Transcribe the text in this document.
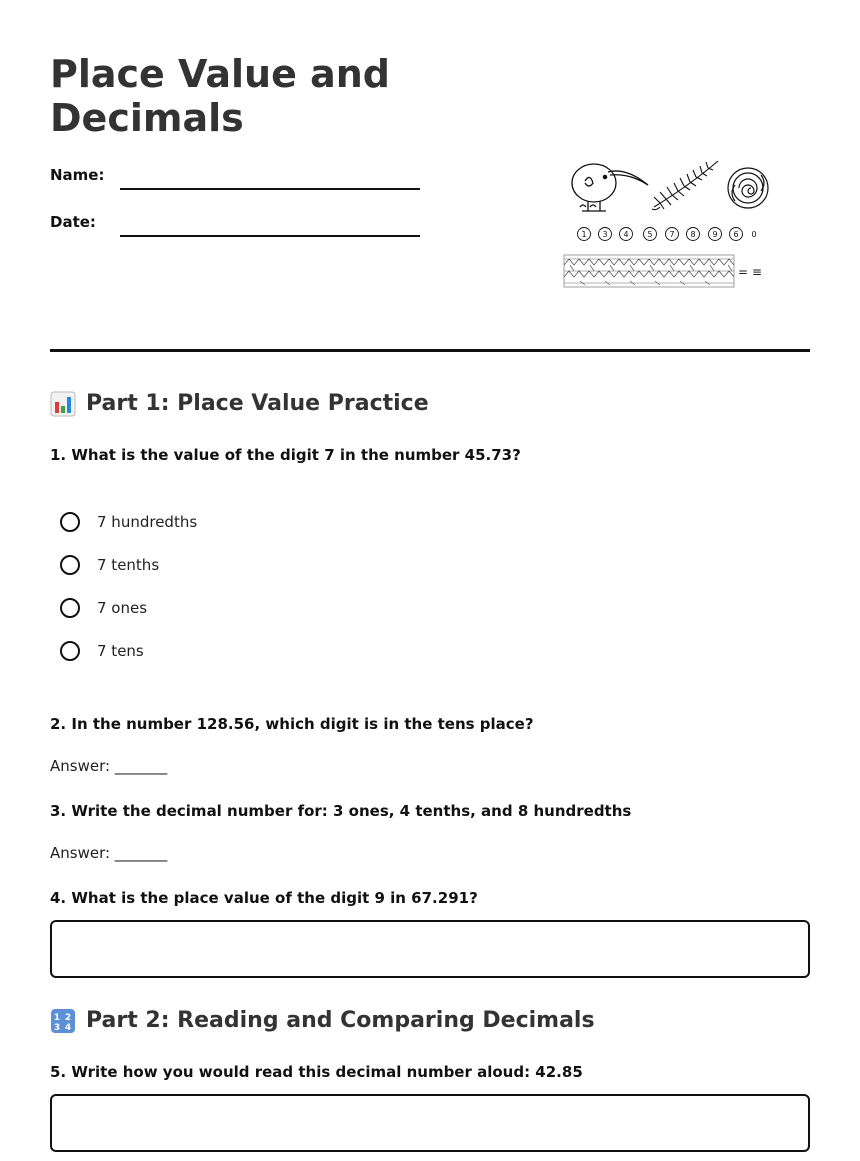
Place Value and Decimals
Name:
Date:
1 3 4 5 7 8 9 6 0
= ≡
Part 1: Place Value Practice
1. What is the value of the digit 7 in the number 45.73?
7 hundredths
7 tenths
7 ones
7 tens
2. In the number 128.56, which digit is in the tens place?
Answer: _______
3. Write the decimal number for: 3 ones, 4 tenths, and 8 hundredths
Answer: _______
4. What is the place value of the digit 9 in 67.291?
1 2
3 4 Part 2: Reading and Comparing Decimals
5. Write how you would read this decimal number aloud: 42.85
